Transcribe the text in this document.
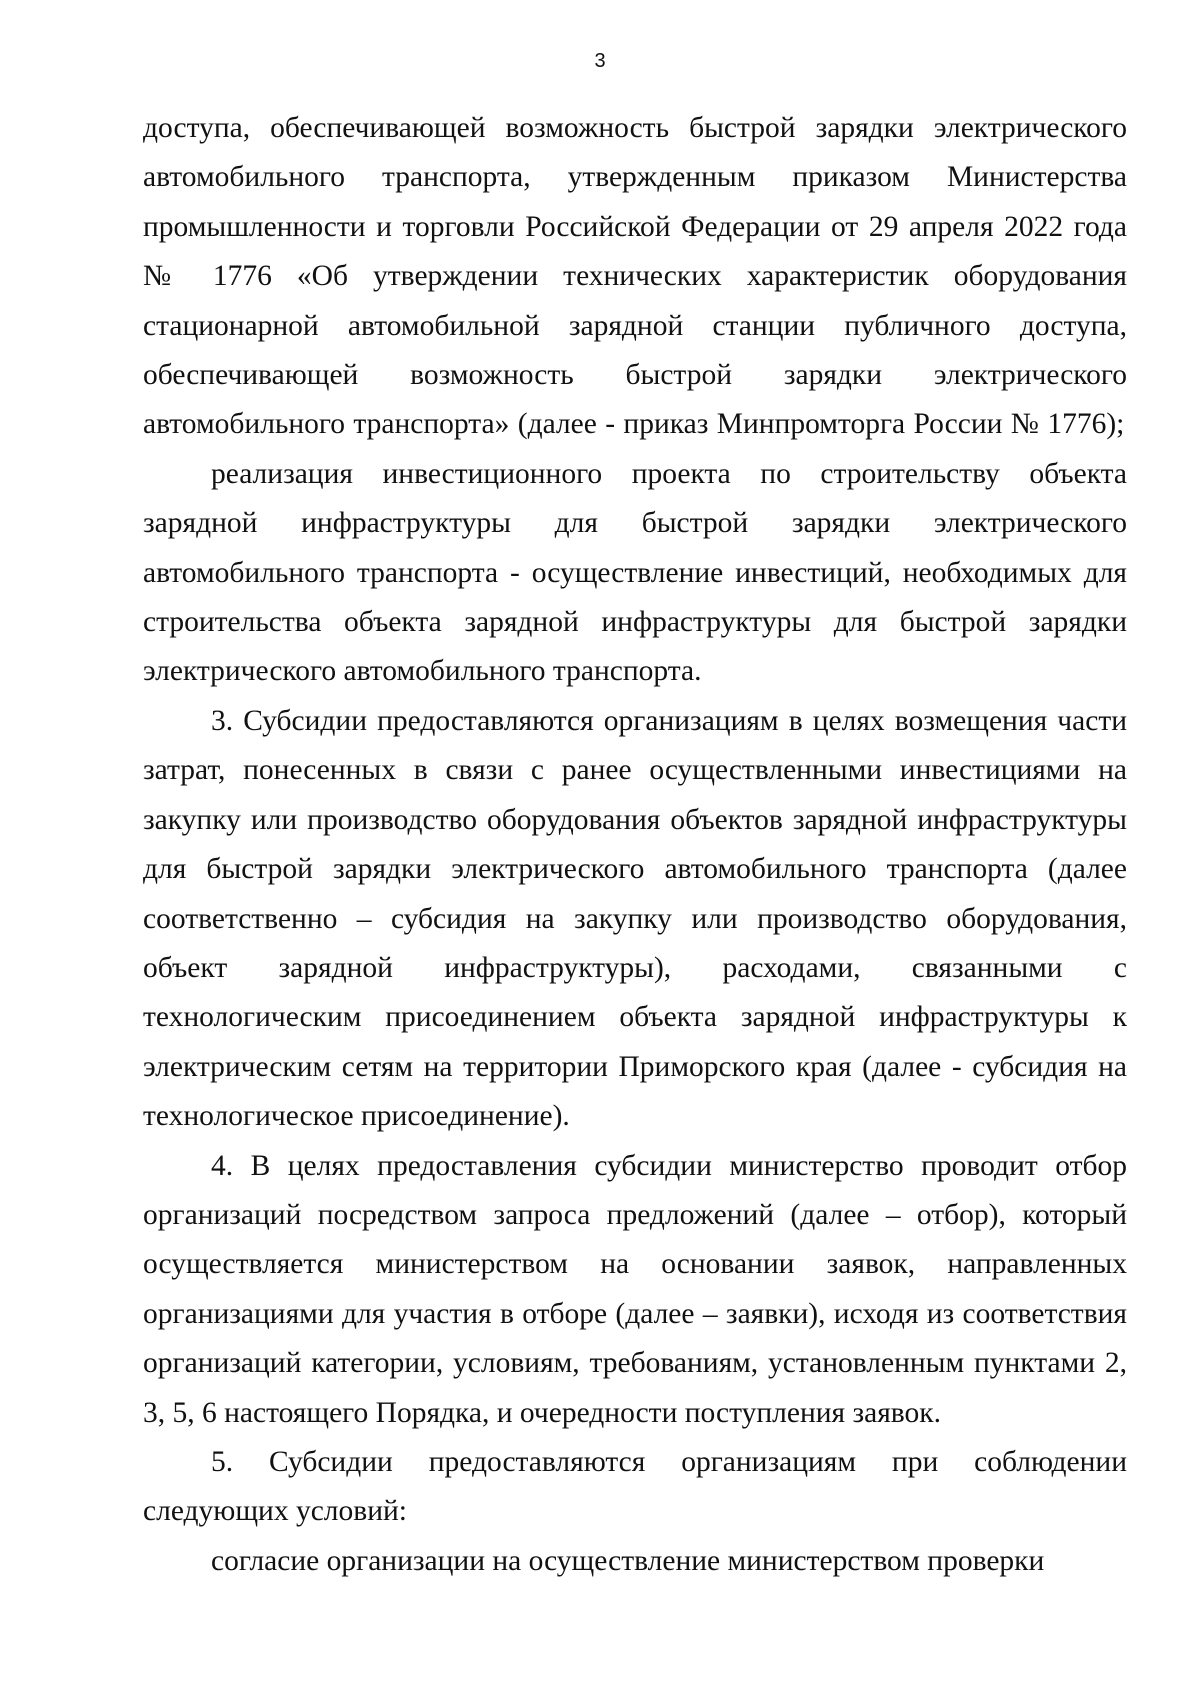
3

доступа, обеспечивающей возможность быстрой зарядки электрического автомобильного транспорта, утвержденным приказом Министерства промышленности и торговли Российской Федерации от 29 апреля 2022 года № 1776 «Об утверждении технических характеристик оборудования стационарной автомобильной зарядной станции публичного доступа, обеспечивающей возможность быстрой зарядки электрического автомобильного транспорта» (далее - приказ Минпромторга России № 1776);

реализация инвестиционного проекта по строительству объекта зарядной инфраструктуры для быстрой зарядки электрического автомобильного транспорта - осуществление инвестиций, необходимых для строительства объекта зарядной инфраструктуры для быстрой зарядки электрического автомобильного транспорта.

3. Субсидии предоставляются организациям в целях возмещения части затрат, понесенных в связи с ранее осуществленными инвестициями на закупку или производство оборудования объектов зарядной инфраструктуры для быстрой зарядки электрического автомобильного транспорта (далее соответственно – субсидия на закупку или производство оборудования, объект зарядной инфраструктуры), расходами, связанными с технологическим присоединением объекта зарядной инфраструктуры к электрическим сетям на территории Приморского края (далее - субсидия на технологическое присоединение).

4. В целях предоставления субсидии министерство проводит отбор организаций посредством запроса предложений (далее – отбор), который осуществляется министерством на основании заявок, направленных организациями для участия в отборе (далее – заявки), исходя из соответствия организаций категории, условиям, требованиям, установленным пунктами 2, 3, 5, 6 настоящего Порядка, и очередности поступления заявок.

5. Субсидии предоставляются организациям при соблюдении следующих условий:

согласие организации на осуществление министерством проверки
